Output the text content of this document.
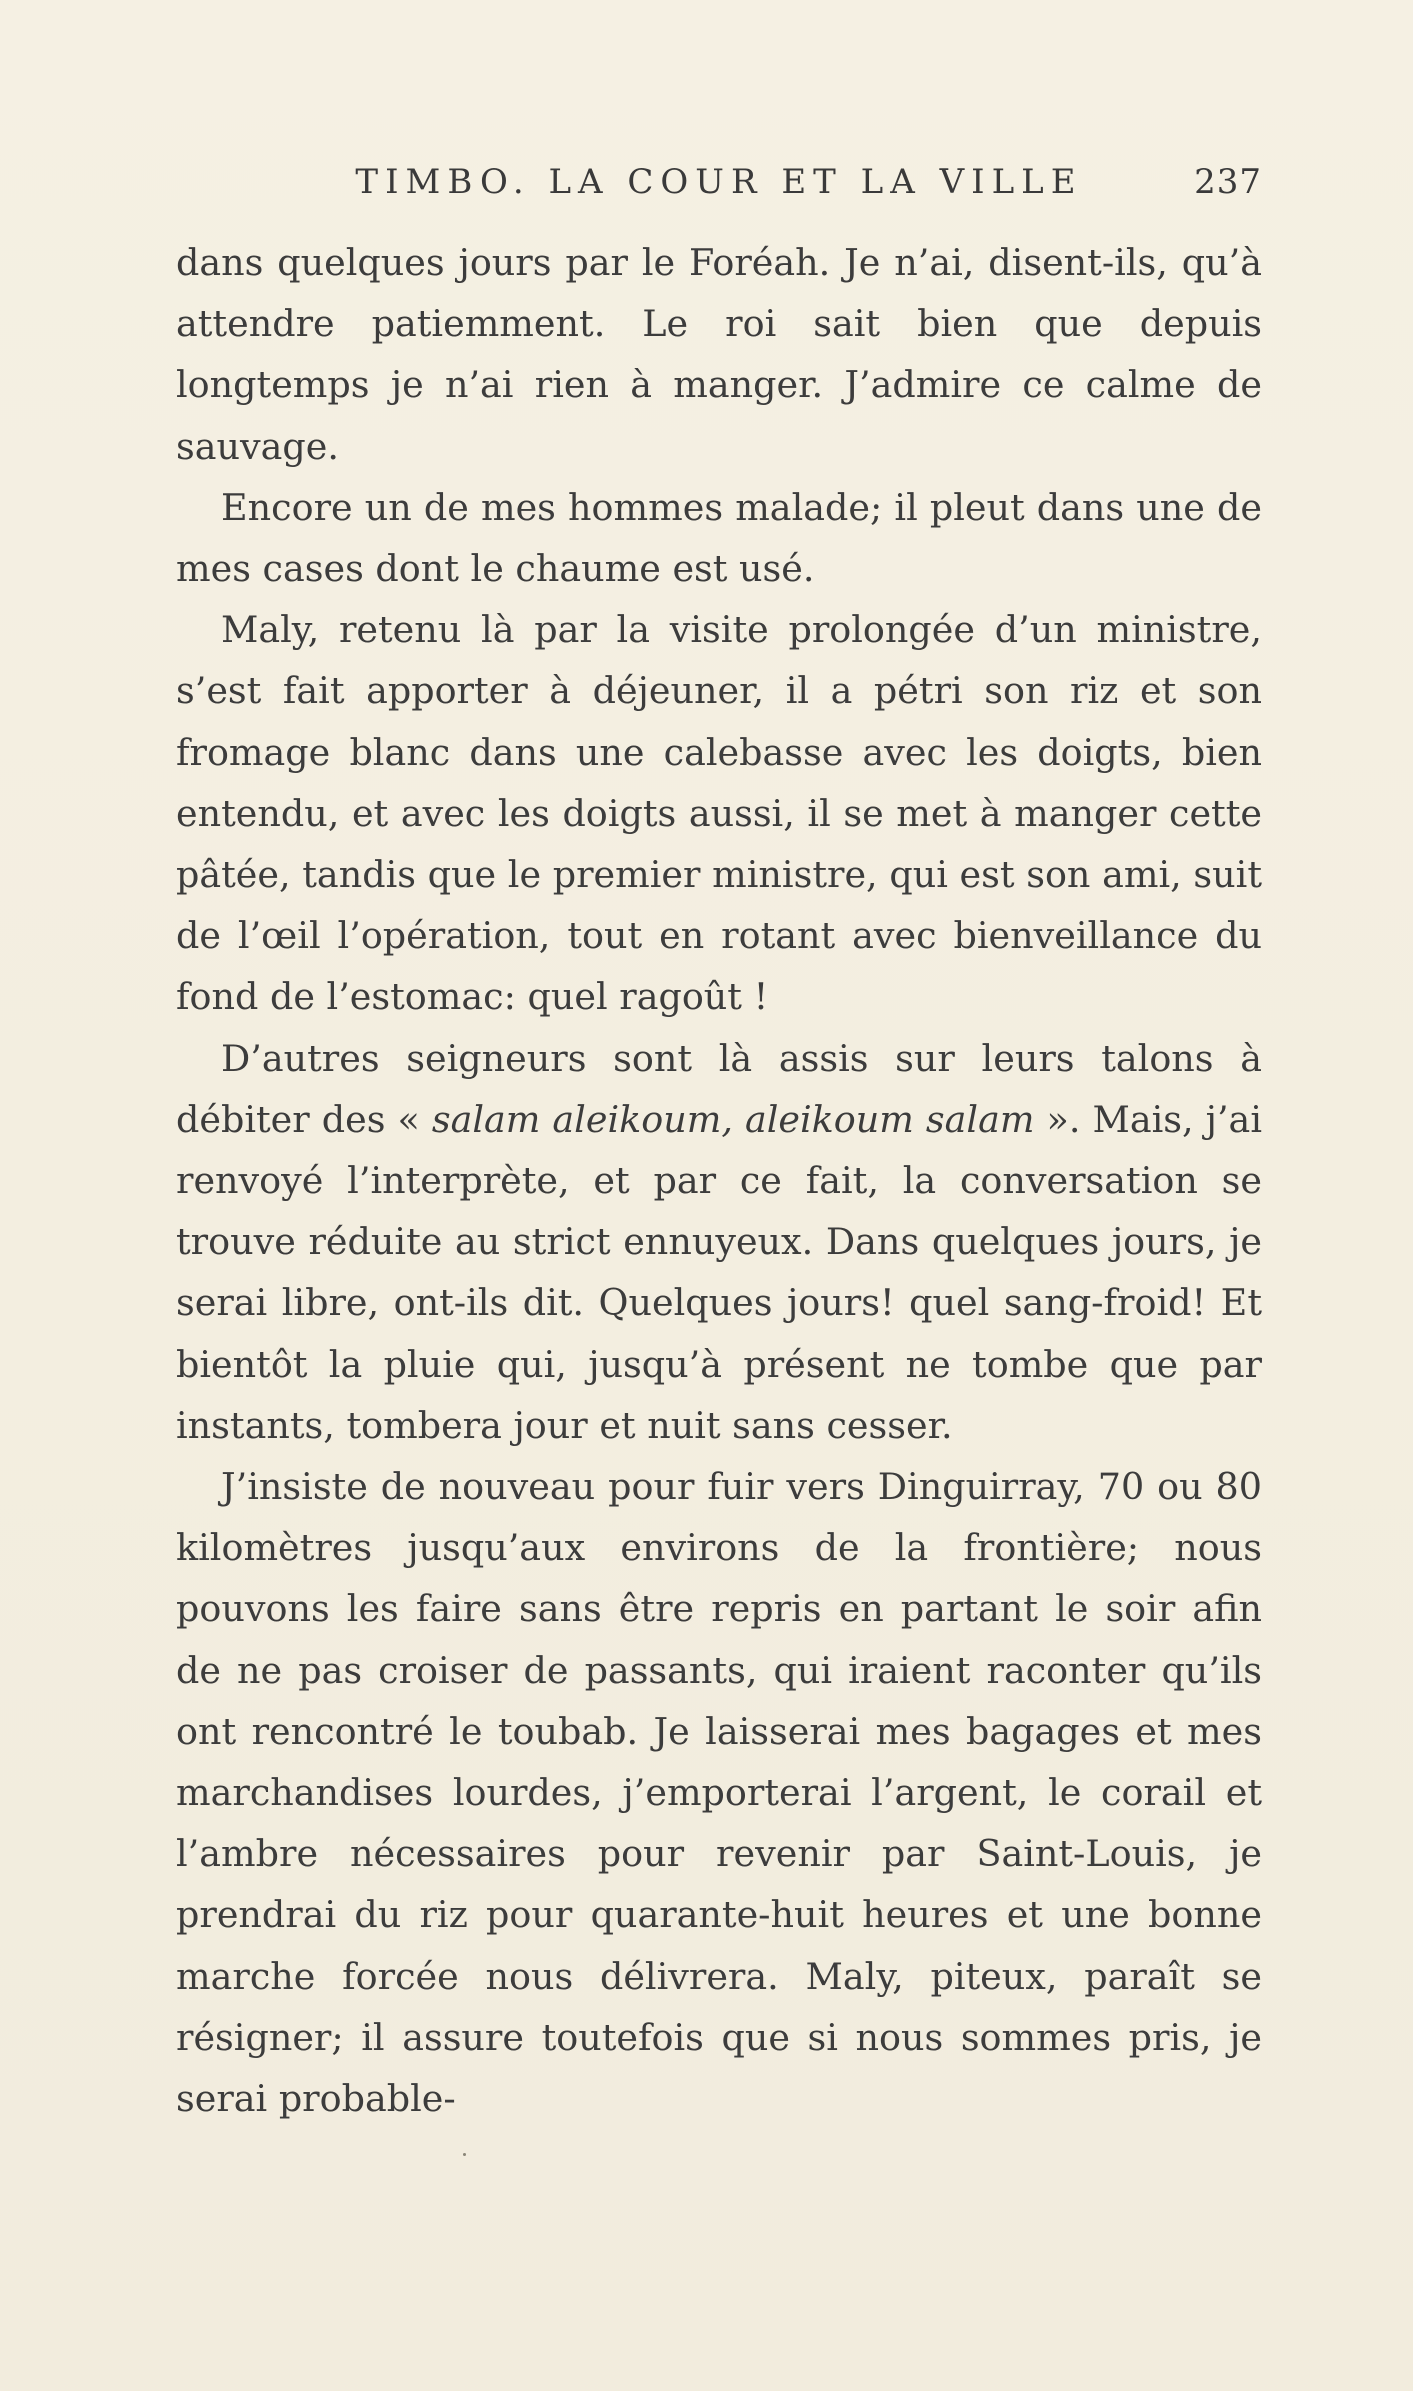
TIMBO. LA COUR ET LA VILLE	237

dans quelques jours par le Foréah. Je n’ai, disent-ils, qu’à attendre patiemment. Le roi sait bien que depuis longtemps je n’ai rien à manger. J’admire ce calme de sauvage.

Encore un de mes hommes malade; il pleut dans une de mes cases dont le chaume est usé.

Maly, retenu là par la visite prolongée d’un ministre, s’est fait apporter à déjeuner, il a pétri son riz et son fromage blanc dans une calebasse avec les doigts, bien entendu, et avec les doigts aussi, il se met à manger cette pâtée, tandis que le premier ministre, qui est son ami, suit de l’œil l’opération, tout en rotant avec bienveillance du fond de l’estomac: quel ragoût !

D’autres seigneurs sont là assis sur leurs talons à débiter des « salam aleikoum, aleikoum salam ». Mais, j’ai renvoyé l’interprète, et par ce fait, la conversation se trouve réduite au strict ennuyeux. Dans quelques jours, je serai libre, ont-ils dit. Quelques jours! quel sang-froid! Et bientôt la pluie qui, jusqu’à présent ne tombe que par instants, tombera jour et nuit sans cesser.

J’insiste de nouveau pour fuir vers Dinguirray, 70 ou 80 kilomètres jusqu’aux environs de la frontière; nous pouvons les faire sans être repris en partant le soir afin de ne pas croiser de passants, qui iraient raconter qu’ils ont rencontré le toubab. Je laisserai mes bagages et mes marchandises lourdes, j’emporterai l’argent, le corail et l’ambre nécessaires pour revenir par Saint-Louis, je prendrai du riz pour quarante-huit heures et une bonne marche forcée nous délivrera. Maly, piteux, paraît se résigner; il assure toutefois que si nous sommes pris, je serai probable-
